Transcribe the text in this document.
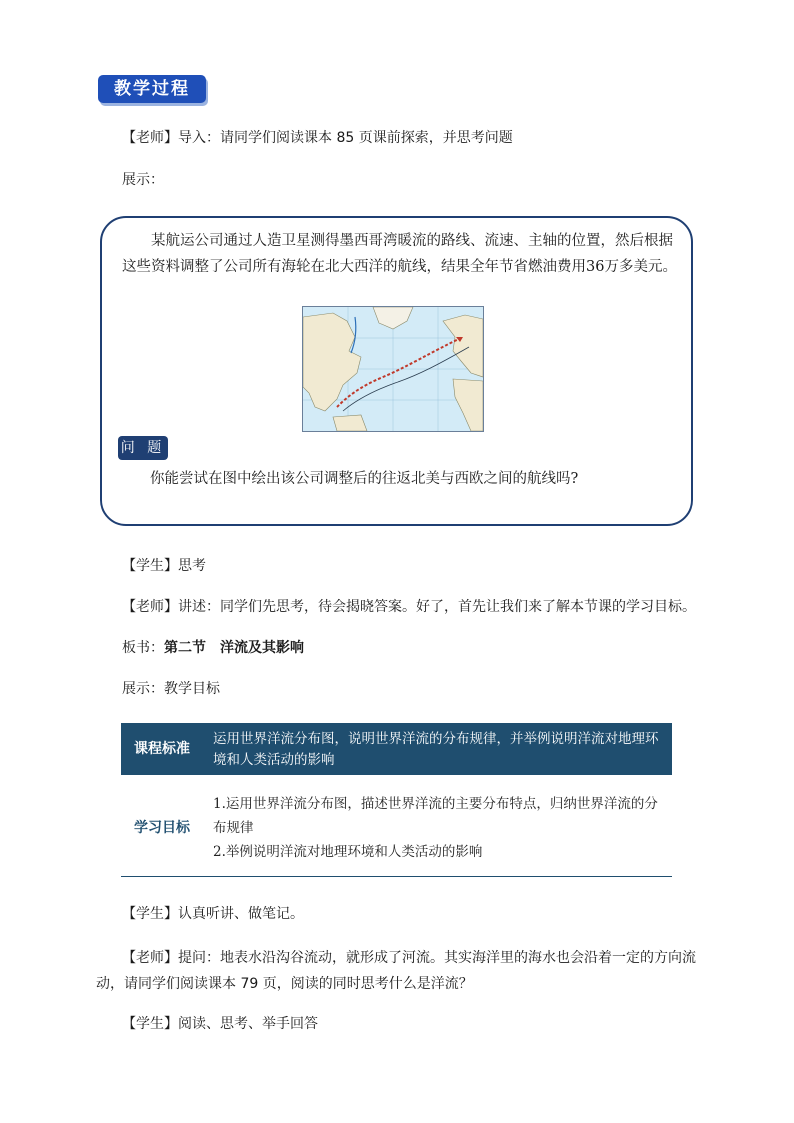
教学过程
【老师】导入：请同学们阅读课本 85 页课前探索，并思考问题
展示：
某航运公司通过人造卫星测得墨西哥湾暖流的路线、流速、主轴的位置，然后根据这些资料调整了公司所有海轮在北大西洋的航线，结果全年节省燃油费用36万多美元。
问 题
你能尝试在图中绘出该公司调整后的往返北美与西欧之间的航线吗?
【学生】思考
【老师】讲述：同学们先思考，待会揭晓答案。好了，首先让我们来了解本节课的学习目标。
板书：第二节　洋流及其影响
展示：教学目标
课程标准
运用世界洋流分布图，说明世界洋流的分布规律，并举例说明洋流对地理环境和人类活动的影响
学习目标
1.运用世界洋流分布图，描述世界洋流的主要分布特点，归纳世界洋流的分布规律
2.举例说明洋流对地理环境和人类活动的影响
【学生】认真听讲、做笔记。
【老师】提问：地表水沿沟谷流动，就形成了河流。其实海洋里的海水也会沿着一定的方向流
动，请同学们阅读课本 79 页，阅读的同时思考什么是洋流？
【学生】阅读、思考、举手回答
